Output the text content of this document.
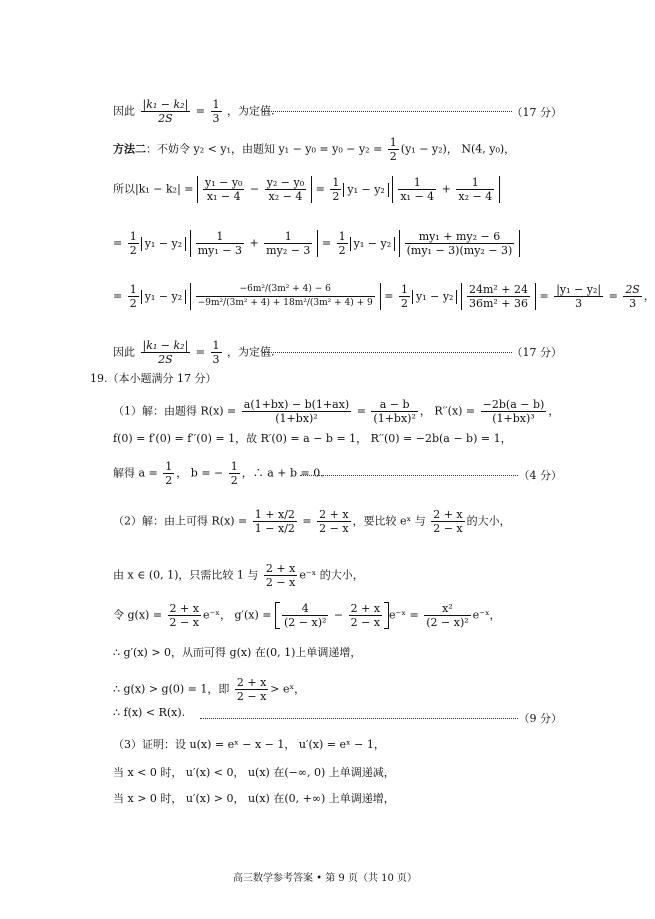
因此 $\frac{\text{|k₁ − k₂|}}{2S} = \frac{1}{3}$ ，为定值.	（17 分）
方法二：不妨令 y₂ < y₁，由题知 $y_1 - y_0 = y_0 - y_2 = \frac{1}{2} (y_1 - y_2)$， N(4, y₀)，
所以$|k_1 - k_2| = \frac{\text{y₁ − y₀}}{\text{x₁ − 4}} - \frac{\text{y₂ − y₀}}{\text{x₂ − 4}} = \frac{1}{2} y_1 - y_2 \frac{1}{\text{x₁ − 4}} + \frac{1}{\text{x₂ − 4}}$
= $\frac{1}{2} y_1 - y_2 \frac{1}{\text{my₁ − 3}} + \frac{1}{\text{my₂ − 3}} = \frac{1}{2} y_1 - y_2 \frac{\text{my₁ + my₂ − 6}}{\text{(my₁ − 3)(my₂ − 3)}}$
= $\frac{1}{2} y_1 - y_2 \frac{\text{−6m²/(3m² + 4) − 6}}{\text{−9m²/(3m² + 4) + 18m²/(3m² + 4) + 9}} = \frac{1}{2} y_1 - y_2 \frac{\text{24m² + 24}}{\text{36m² + 36}} = \frac{\text{|y₁ − y₂|}}{3} = \frac{2S}{3}$ ，
因此 $\frac{\text{|k₁ − k₂|}}{2S} = \frac{1}{3}$ ，为定值.	（17 分）
19.（本小题满分 17 分）
（1）解：由题得 $R(x) = \frac{a(1+bx) - b(1+ax)}{\text{(1+bx)²}} = \frac{a - b}{\text{(1+bx)²}}$ ， $R''(x) = \frac{-2b(a - b)}{\text{(1+bx)³}}$ ，
f(0) = f′(0) = f′′(0) = 1，故 R′(0) = a − b = 1， R′′(0) = −2b(a − b) = 1，
解得 $a = \frac{1}{2}$ ， b = − $\frac{1}{2}$ ，∴ a + b = 0.	（4 分）
（2）解：由上可得 $R(x) = \frac{1 + x/2}{1 - x/2} = \frac{2 + x}{2 - x}$ ，要比较 eˣ 与 $\frac{2 + x}{2 - x}$ 的大小，
由 x ∈ (0, 1)，只需比较 1 与 $\frac{2 + x}{2 - x}$ e⁻ˣ 的大小，
令 $g(x) = \frac{2 + x}{2 - x}$ e⁻ˣ， $g'(x) = \frac{4}{\text{(2 − x)²}} - \frac{2 + x}{2 - x}$ e⁻ˣ = $\frac{\text{x²}}{\text{(2 − x)²}}$ e⁻ˣ，
∴ g′(x) > 0，从而可得 g(x) 在(0, 1)上单调递增，
∴ g(x) > g(0) = 1，即 $\frac{2 + x}{2 - x}$ > eˣ，
∴ f(x) < R(x).	（9 分）
（3）证明：设 u(x) = eˣ − x − 1， u′(x) = eˣ − 1，
当 x < 0 时， u′(x) < 0， u(x) 在(−∞, 0) 上单调递减，
当 x > 0 时， u′(x) > 0， u(x) 在(0, +∞) 上单调递增，
高三数学参考答案 • 第 9 页（共 10 页）
